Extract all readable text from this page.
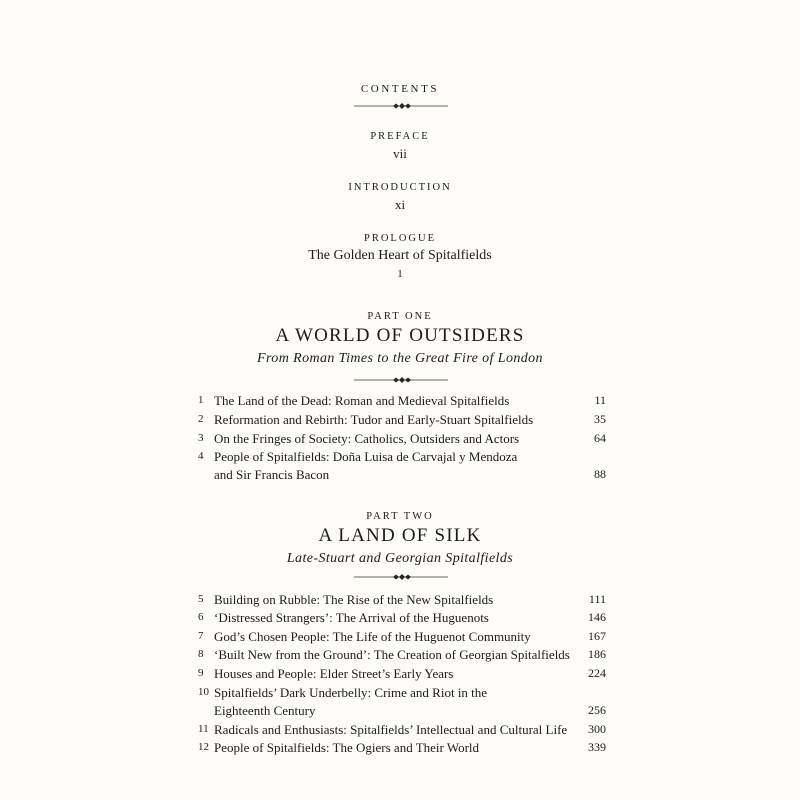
CONTENTS
PREFACE
vii
INTRODUCTION
xi
PROLOGUE
The Golden Heart of Spitalfields
1
PART ONE
A WORLD OF OUTSIDERS
From Roman Times to the Great Fire of London
1 The Land of the Dead: Roman and Medieval Spitalfields	11
2 Reformation and Rebirth: Tudor and Early-Stuart Spitalfields	35
3 On the Fringes of Society: Catholics, Outsiders and Actors	64
4 People of Spitalfields: Doña Luisa de Carvajal y Mendoza
and Sir Francis Bacon	88
PART TWO
A LAND OF SILK
Late-Stuart and Georgian Spitalfields
5 Building on Rubble: The Rise of the New Spitalfields	111
6 ‘Distressed Strangers’: The Arrival of the Huguenots	146
7 God’s Chosen People: The Life of the Huguenot Community	167
8 ‘Built New from the Ground’: The Creation of Georgian Spitalfields 186
9 Houses and People: Elder Street’s Early Years	224
10 Spitalfields’ Dark Underbelly: Crime and Riot in the
Eighteenth Century	256
11 Radicals and Enthusiasts: Spitalfields’ Intellectual and Cultural Life 300
12 People of Spitalfields: The Ogiers and Their World	339
